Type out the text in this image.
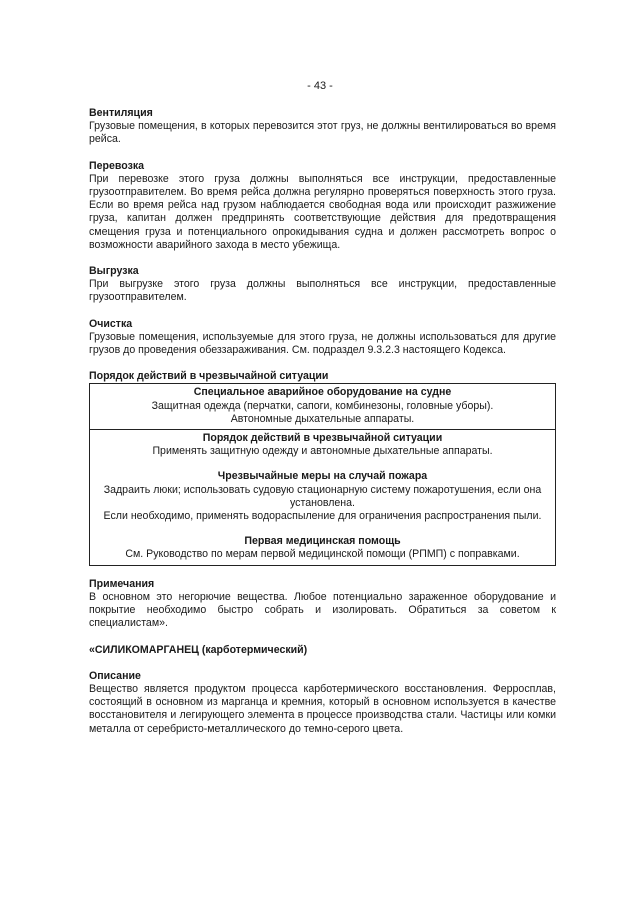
- 43 -

Вентиляция

Грузовые помещения, в которых перевозится этот груз, не должны вентилироваться во время рейса.

Перевозка

При перевозке этого груза должны выполняться все инструкции, предоставленные грузоотправителем. Во время рейса должна регулярно проверяться поверхность этого груза. Если во время рейса над грузом наблюдается свободная вода или происходит разжижение груза, капитан должен предпринять соответствующие действия для предотвращения смещения груза и потенциального опрокидывания судна и должен рассмотреть вопрос о возможности аварийного захода в место убежища.

Выгрузка

При выгрузке этого груза должны выполняться все инструкции, предоставленные грузоотправителем.

Очистка

Грузовые помещения, используемые для этого груза, не должны использоваться для другие грузов до проведения обеззараживания. См. подраздел 9.3.2.3 настоящего Кодекса.

Порядок действий в чрезвычайной ситуации

Специальное аварийное оборудование на судне

Защитная одежда (перчатки, сапоги, комбинезоны, головные уборы).

Автономные дыхательные аппараты.

Порядок действий в чрезвычайной ситуации

Применять защитную одежду и автономные дыхательные аппараты.

Чрезвычайные меры на случай пожара

Задраить люки; использовать судовую стационарную систему пожаротушения, если она установлена.

Если необходимо, применять водораспыление для ограничения распространения пыли.

Первая медицинская помощь

См. Руководство по мерам первой медицинской помощи (РПМП) с поправками.

Примечания

В основном это негорючие вещества. Любое потенциально зараженное оборудование и покрытие необходимо быстро собрать и изолировать. Обратиться за советом к специалистам».

«СИЛИКОМАРГАНЕЦ (карботермический)

Описание

Вещество является продуктом процесса карботермического восстановления. Ферросплав, состоящий в основном из марганца и кремния, который в основном используется в качестве восстановителя и легирующего элемента в процессе производства стали. Частицы или комки металла от серебристо-металлического до темно-серого цвета.
